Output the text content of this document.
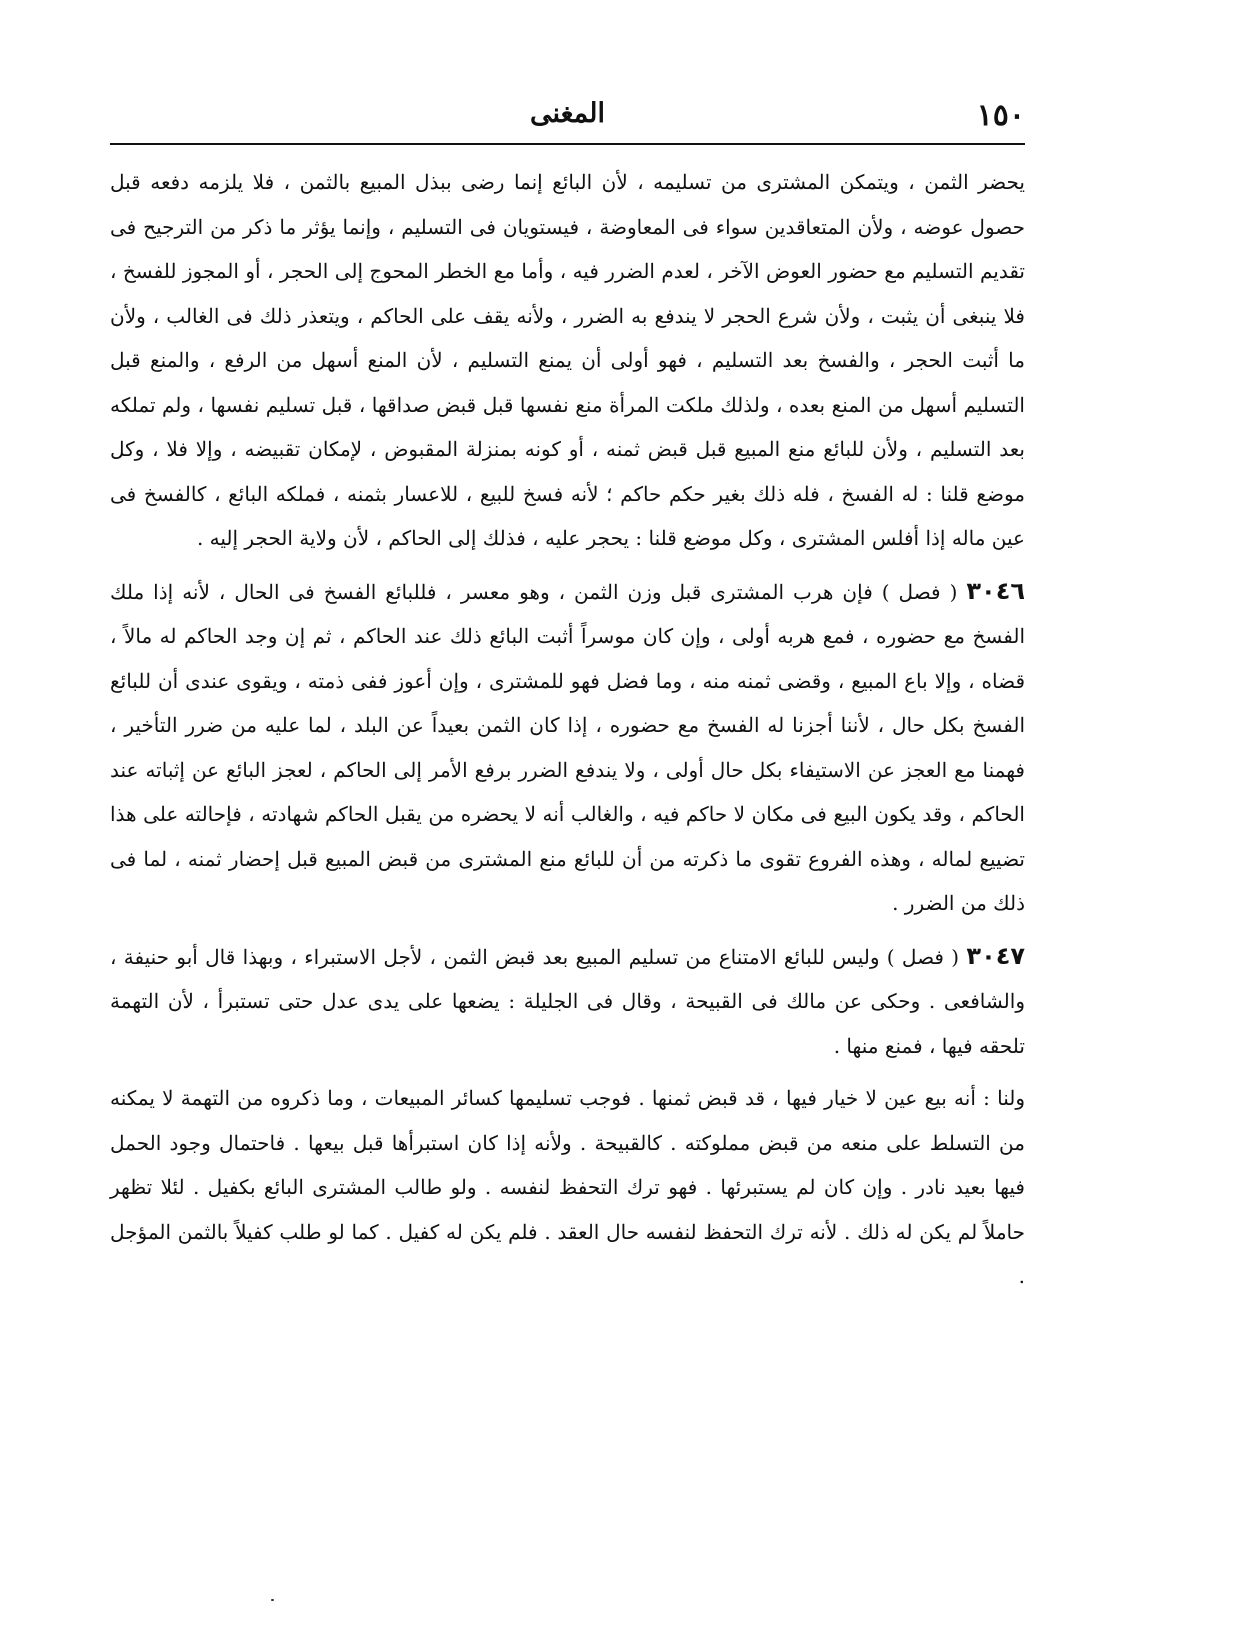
١٥٠
المغنى

يحضر الثمن ، ويتمكن المشترى من تسليمه ، لأن البائع إنما رضى ببذل المبيع بالثمن ، فلا يلزمه دفعه قبل حصول عوضه ، ولأن المتعاقدين سواء فى المعاوضة ، فيستويان فى التسليم ، وإنما يؤثر ما ذكر من الترجيح فى تقديم التسليم مع حضور العوض الآخر ، لعدم الضرر فيه ، وأما مع الخطر المحوج إلى الحجر ، أو المجوز للفسخ ، فلا ينبغى أن يثبت ، ولأن شرع الحجر لا يندفع به الضرر ، ولأنه يقف على الحاكم ، ويتعذر ذلك فى الغالب ، ولأن ما أثبت الحجر ، والفسخ بعد التسليم ، فهو أولى أن يمنع التسليم ، لأن المنع أسهل من الرفع ، والمنع قبل التسليم أسهل من المنع بعده ، ولذلك ملكت المرأة منع نفسها قبل قبض صداقها ، قبل تسليم نفسها ، ولم تملكه بعد التسليم ، ولأن للبائع منع المبيع قبل قبض ثمنه ، أو كونه بمنزلة المقبوض ، لإمكان تقبيضه ، وإلا فلا ، وكل موضع قلنا : له الفسخ ، فله ذلك بغير حكم حاكم ؛ لأنه فسخ للبيع ، للاعسار بثمنه ، فملكه البائع ، كالفسخ فى عين ماله إذا أفلس المشترى ، وكل موضع قلنا : يحجر عليه ، فذلك إلى الحاكم ، لأن ولاية الحجر إليه .

٣٠٤٦ ( فصل ) فإن هرب المشترى قبل وزن الثمن ، وهو معسر ، فللبائع الفسخ فى الحال ، لأنه إذا ملك الفسخ مع حضوره ، فمع هربه أولى ، وإن كان موسراً أثبت البائع ذلك عند الحاكم ، ثم إن وجد الحاكم له مالاً ، قضاه ، وإلا باع المبيع ، وقضى ثمنه منه ، وما فضل فهو للمشترى ، وإن أعوز ففى ذمته ، ويقوى عندى أن للبائع الفسخ بكل حال ، لأننا أجزنا له الفسخ مع حضوره ، إذا كان الثمن بعيداً عن البلد ، لما عليه من ضرر التأخير ، فهمنا مع العجز عن الاستيفاء بكل حال أولى ، ولا يندفع الضرر برفع الأمر إلى الحاكم ، لعجز البائع عن إثباته عند الحاكم ، وقد يكون البيع فى مكان لا حاكم فيه ، والغالب أنه لا يحضره من يقبل الحاكم شهادته ، فإحالته على هذا تضييع لماله ، وهذه الفروع تقوى ما ذكرته من أن للبائع منع المشترى من قبض المبيع قبل إحضار ثمنه ، لما فى ذلك من الضرر .

٣٠٤٧ ( فصل ) وليس للبائع الامتناع من تسليم المبيع بعد قبض الثمن ، لأجل الاستبراء ، وبهذا قال أبو حنيفة ، والشافعى . وحكى عن مالك فى القبيحة ، وقال فى الجليلة : يضعها على يدى عدل حتى تستبرأ ، لأن التهمة تلحقه فيها ، فمنع منها .

ولنا : أنه بيع عين لا خيار فيها ، قد قبض ثمنها . فوجب تسليمها كسائر المبيعات ، وما ذكروه من التهمة لا يمكنه من التسلط على منعه من قبض مملوكته . كالقبيحة . ولأنه إذا كان استبرأها قبل بيعها . فاحتمال وجود الحمل فيها بعيد نادر . وإن كان لم يستبرئها . فهو ترك التحفظ لنفسه . ولو طالب المشترى البائع بكفيل . لئلا تظهر حاملاً لم يكن له ذلك . لأنه ترك التحفظ لنفسه حال العقد . فلم يكن له كفيل . كما لو طلب كفيلاً بالثمن المؤجل .
